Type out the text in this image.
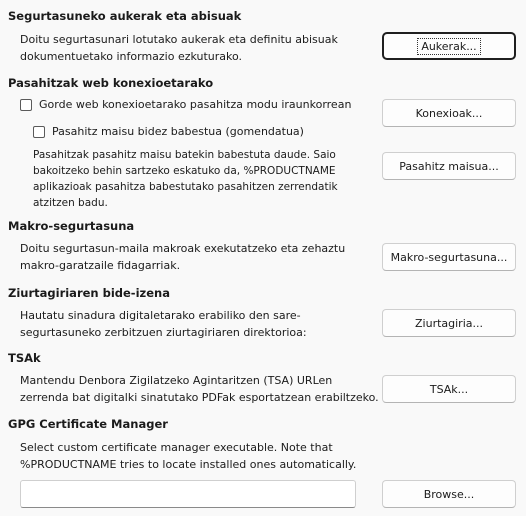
Segurtasuneko aukerak eta abisuak
Doitu segurtasunari lotutako aukerak eta definitu abisuak
dokumentuetako informazio ezkuturako.
Aukerak...
Pasahitzak web konexioetarako
Gorde web konexioetarako pasahitza modu iraunkorrean
Konexioak...
Pasahitz maisu bidez babestua (gomendatua)
Pasahitzak pasahitz maisu batekin babestuta daude. Saio
bakoitzeko behin sartzeko eskatuko da, %PRODUCTNAME
aplikazioak pasahitza babestutako pasahitzen zerrendatik
atzitzen badu.
Pasahitz maisua...
Makro-segurtasuna
Doitu segurtasun-maila makroak exekutatzeko eta zehaztu
makro-garatzaile fidagarriak.
Makro-segurtasuna...
Ziurtagiriaren bide-izena
Hautatu sinadura digitaletarako erabiliko den sare-
segurtasuneko zerbitzuen ziurtagiriaren direktorioa:
Ziurtagiria...
TSAk
Mantendu Denbora Zigilatzeko Agintaritzen (TSA) URLen
zerrenda bat digitalki sinatutako PDFak esportatzean erabiltzeko.
TSAk...
GPG Certificate Manager
Select custom certificate manager executable. Note that
%PRODUCTNAME tries to locate installed ones automatically.
Browse...
